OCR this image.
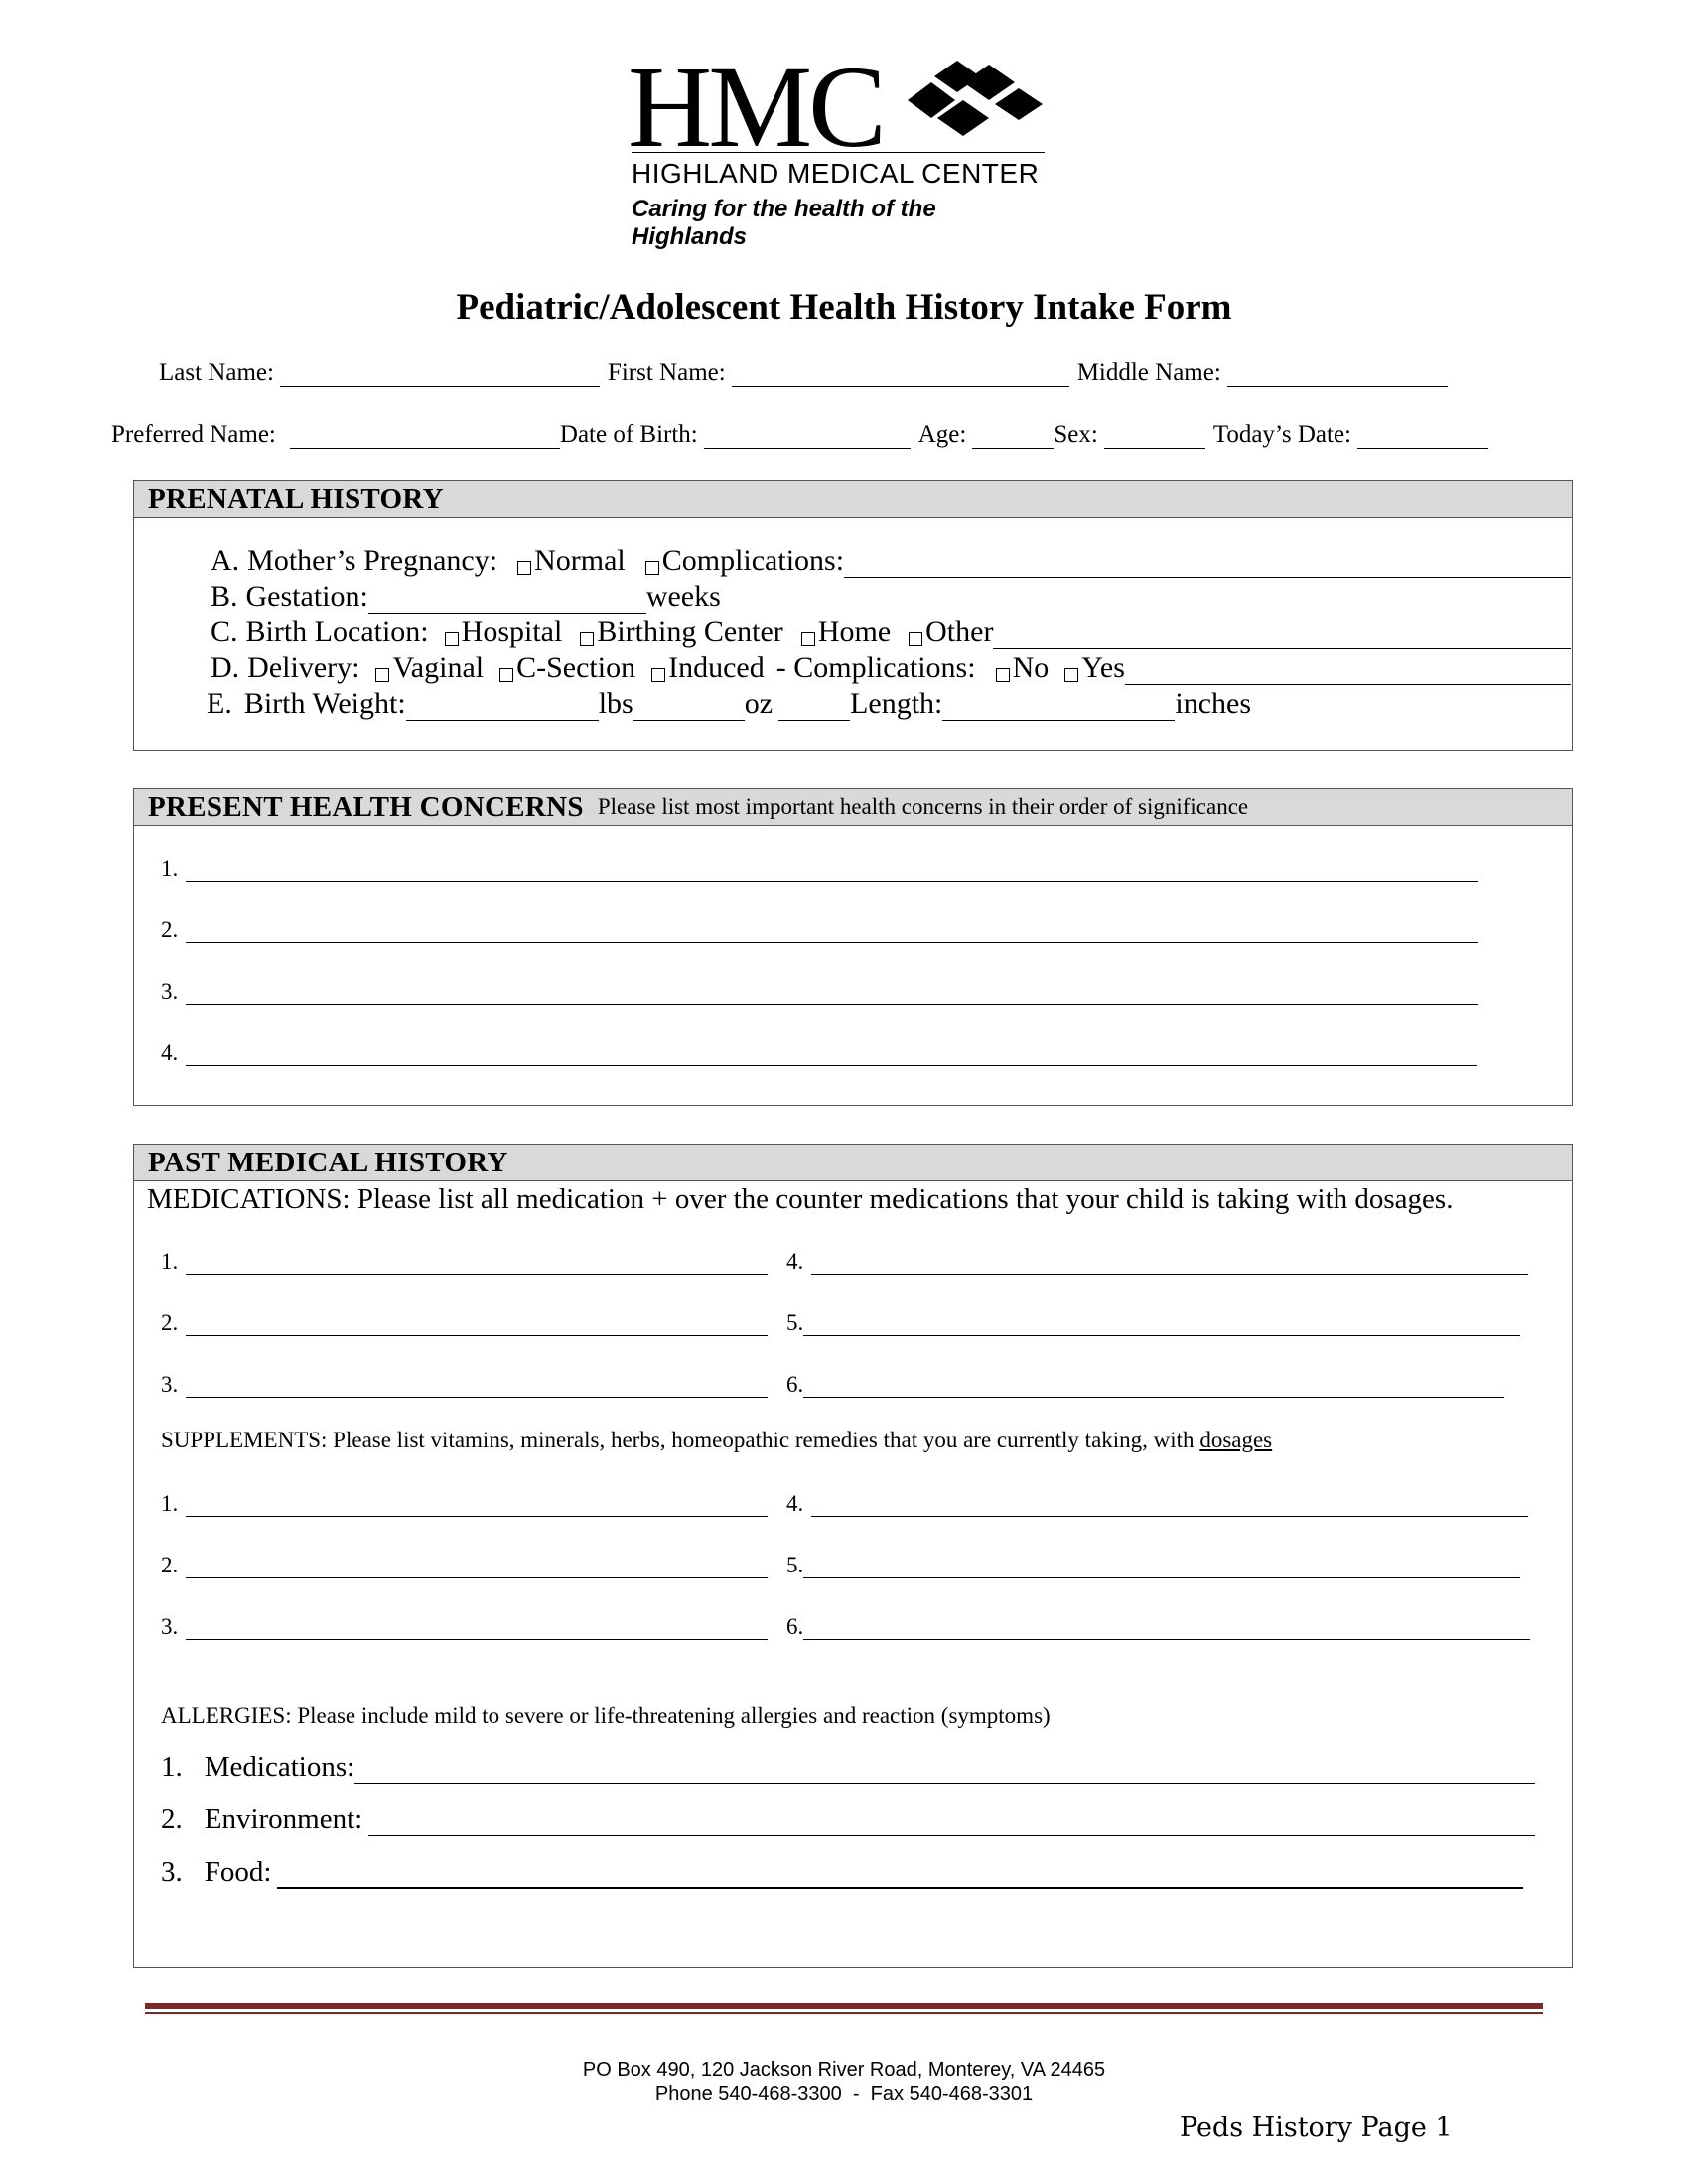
HMC
HIGHLAND MEDICAL CENTER
Caring for the health of the Highlands
Pediatric/Adolescent Health History Intake Form
Last Name:	First Name:	Middle Name:
Preferred Name:	Date of Birth:	Age:	Sex:	Today’s Date:
PRENATAL HISTORY
A. Mother’s Pregnancy: Normal Complications:
B. Gestation:	weeks
C. Birth Location: Hospital Birthing Center Home Other
D. Delivery: Vaginal C-Section Induced - Complications: No Yes
E. Birth Weight:	lbs	oz	Length:	inches
PRESENT HEALTH CONCERNS Please list most important health concerns in their order of significance
1.
2.
3.
4.
PAST MEDICAL HISTORY
MEDICATIONS: Please list all medication + over the counter medications that your child is taking with dosages.
1.	4.
2.	5.
3.	6.
SUPPLEMENTS: Please list vitamins, minerals, herbs, homeopathic remedies that you are currently taking, with dosages
1.	4.
2.	5.
3.	6.
ALLERGIES: Please include mild to severe or life-threatening allergies and reaction (symptoms)
1. Medications:
2. Environment:
3. Food:
PO Box 490, 120 Jackson River Road, Monterey, VA 24465
Phone 540-468-3300  -  Fax 540-468-3301
Peds History Page 1
